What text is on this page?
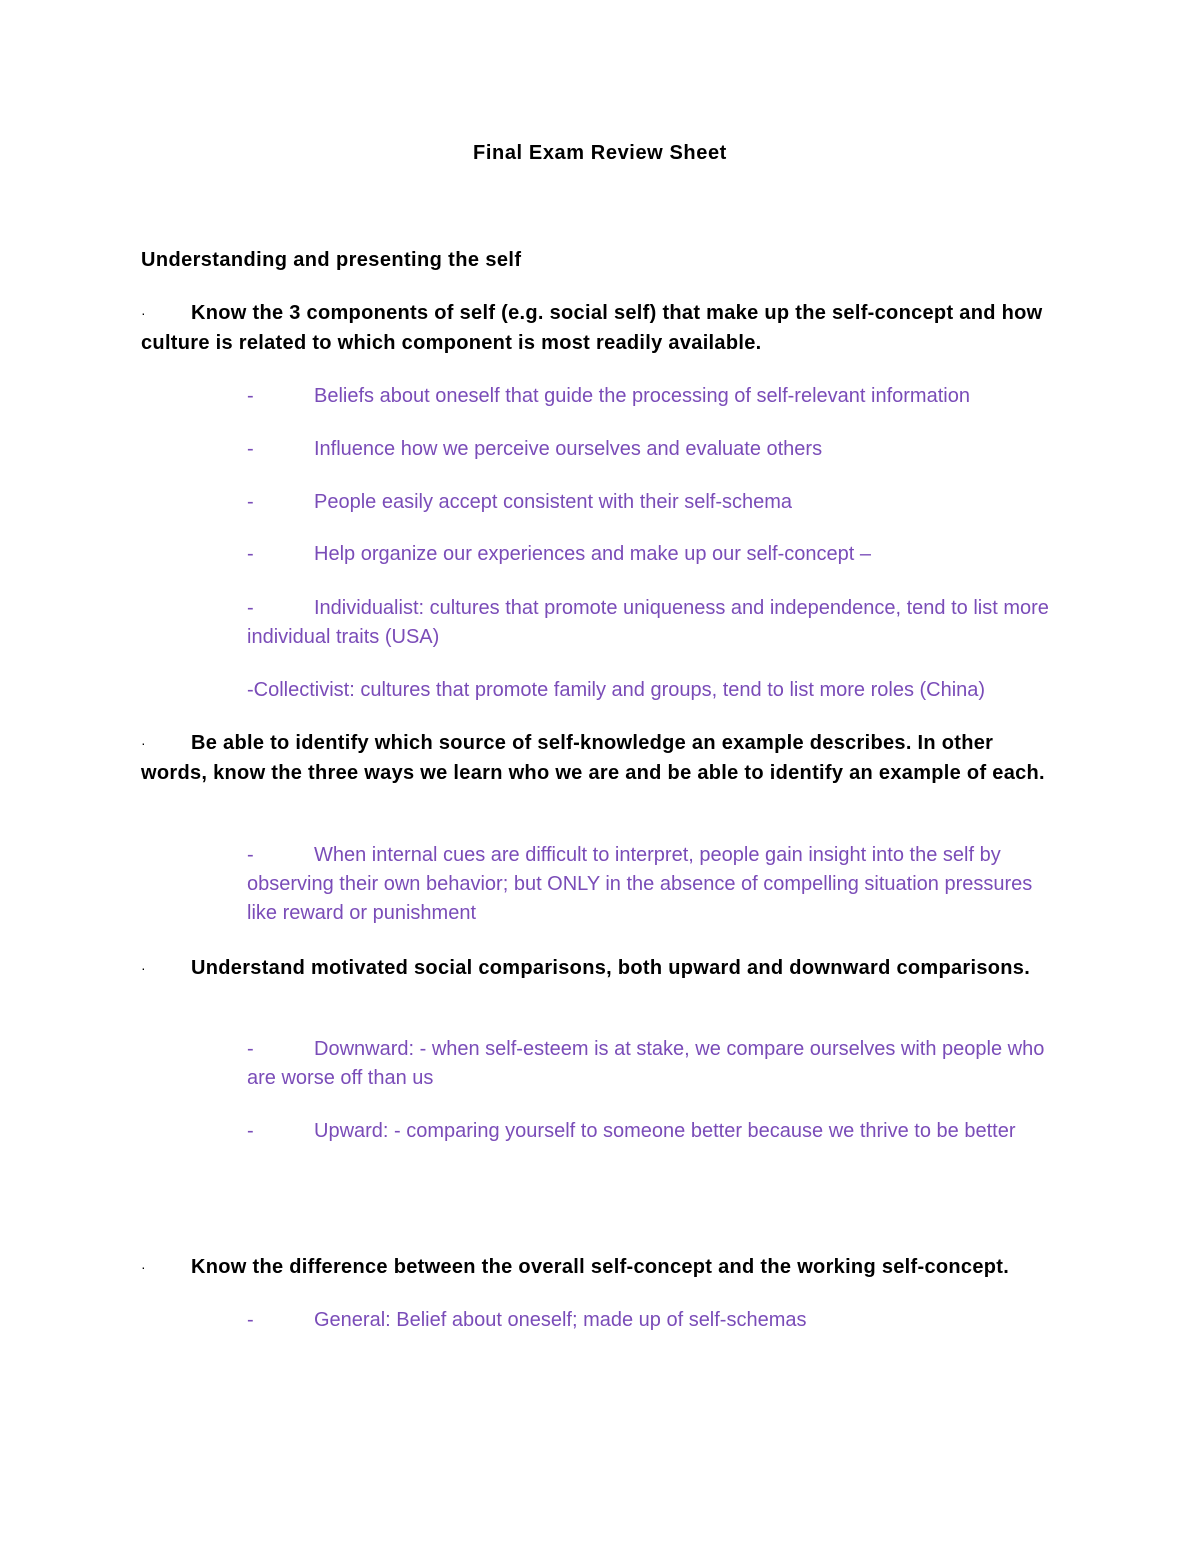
Final Exam Review Sheet
Understanding and presenting the self
· Know the 3 components of self (e.g. social self) that make up the self-concept and how culture is related to which component is most readily available.
-	Beliefs about oneself that guide the processing of self-relevant information
-	Influence how we perceive ourselves and evaluate others
-	People easily accept consistent with their self-schema
-	Help organize our experiences and make up our self-concept –
-	Individualist: cultures that promote uniqueness and independence, tend to list more individual traits (USA)
-Collectivist: cultures that promote family and groups, tend to list more roles (China)
· Be able to identify which source of self-knowledge an example describes. In other words, know the three ways we learn who we are and be able to identify an example of each.
-	When internal cues are difficult to interpret, people gain insight into the self by observing their own behavior; but ONLY in the absence of compelling situation pressures like reward or punishment
· Understand motivated social comparisons, both upward and downward comparisons.
-	Downward: - when self-esteem is at stake, we compare ourselves with people who are worse off than us
-	Upward: - comparing yourself to someone better because we thrive to be better
· Know the difference between the overall self-concept and the working self-concept.
-	General: Belief about oneself; made up of self-schemas
